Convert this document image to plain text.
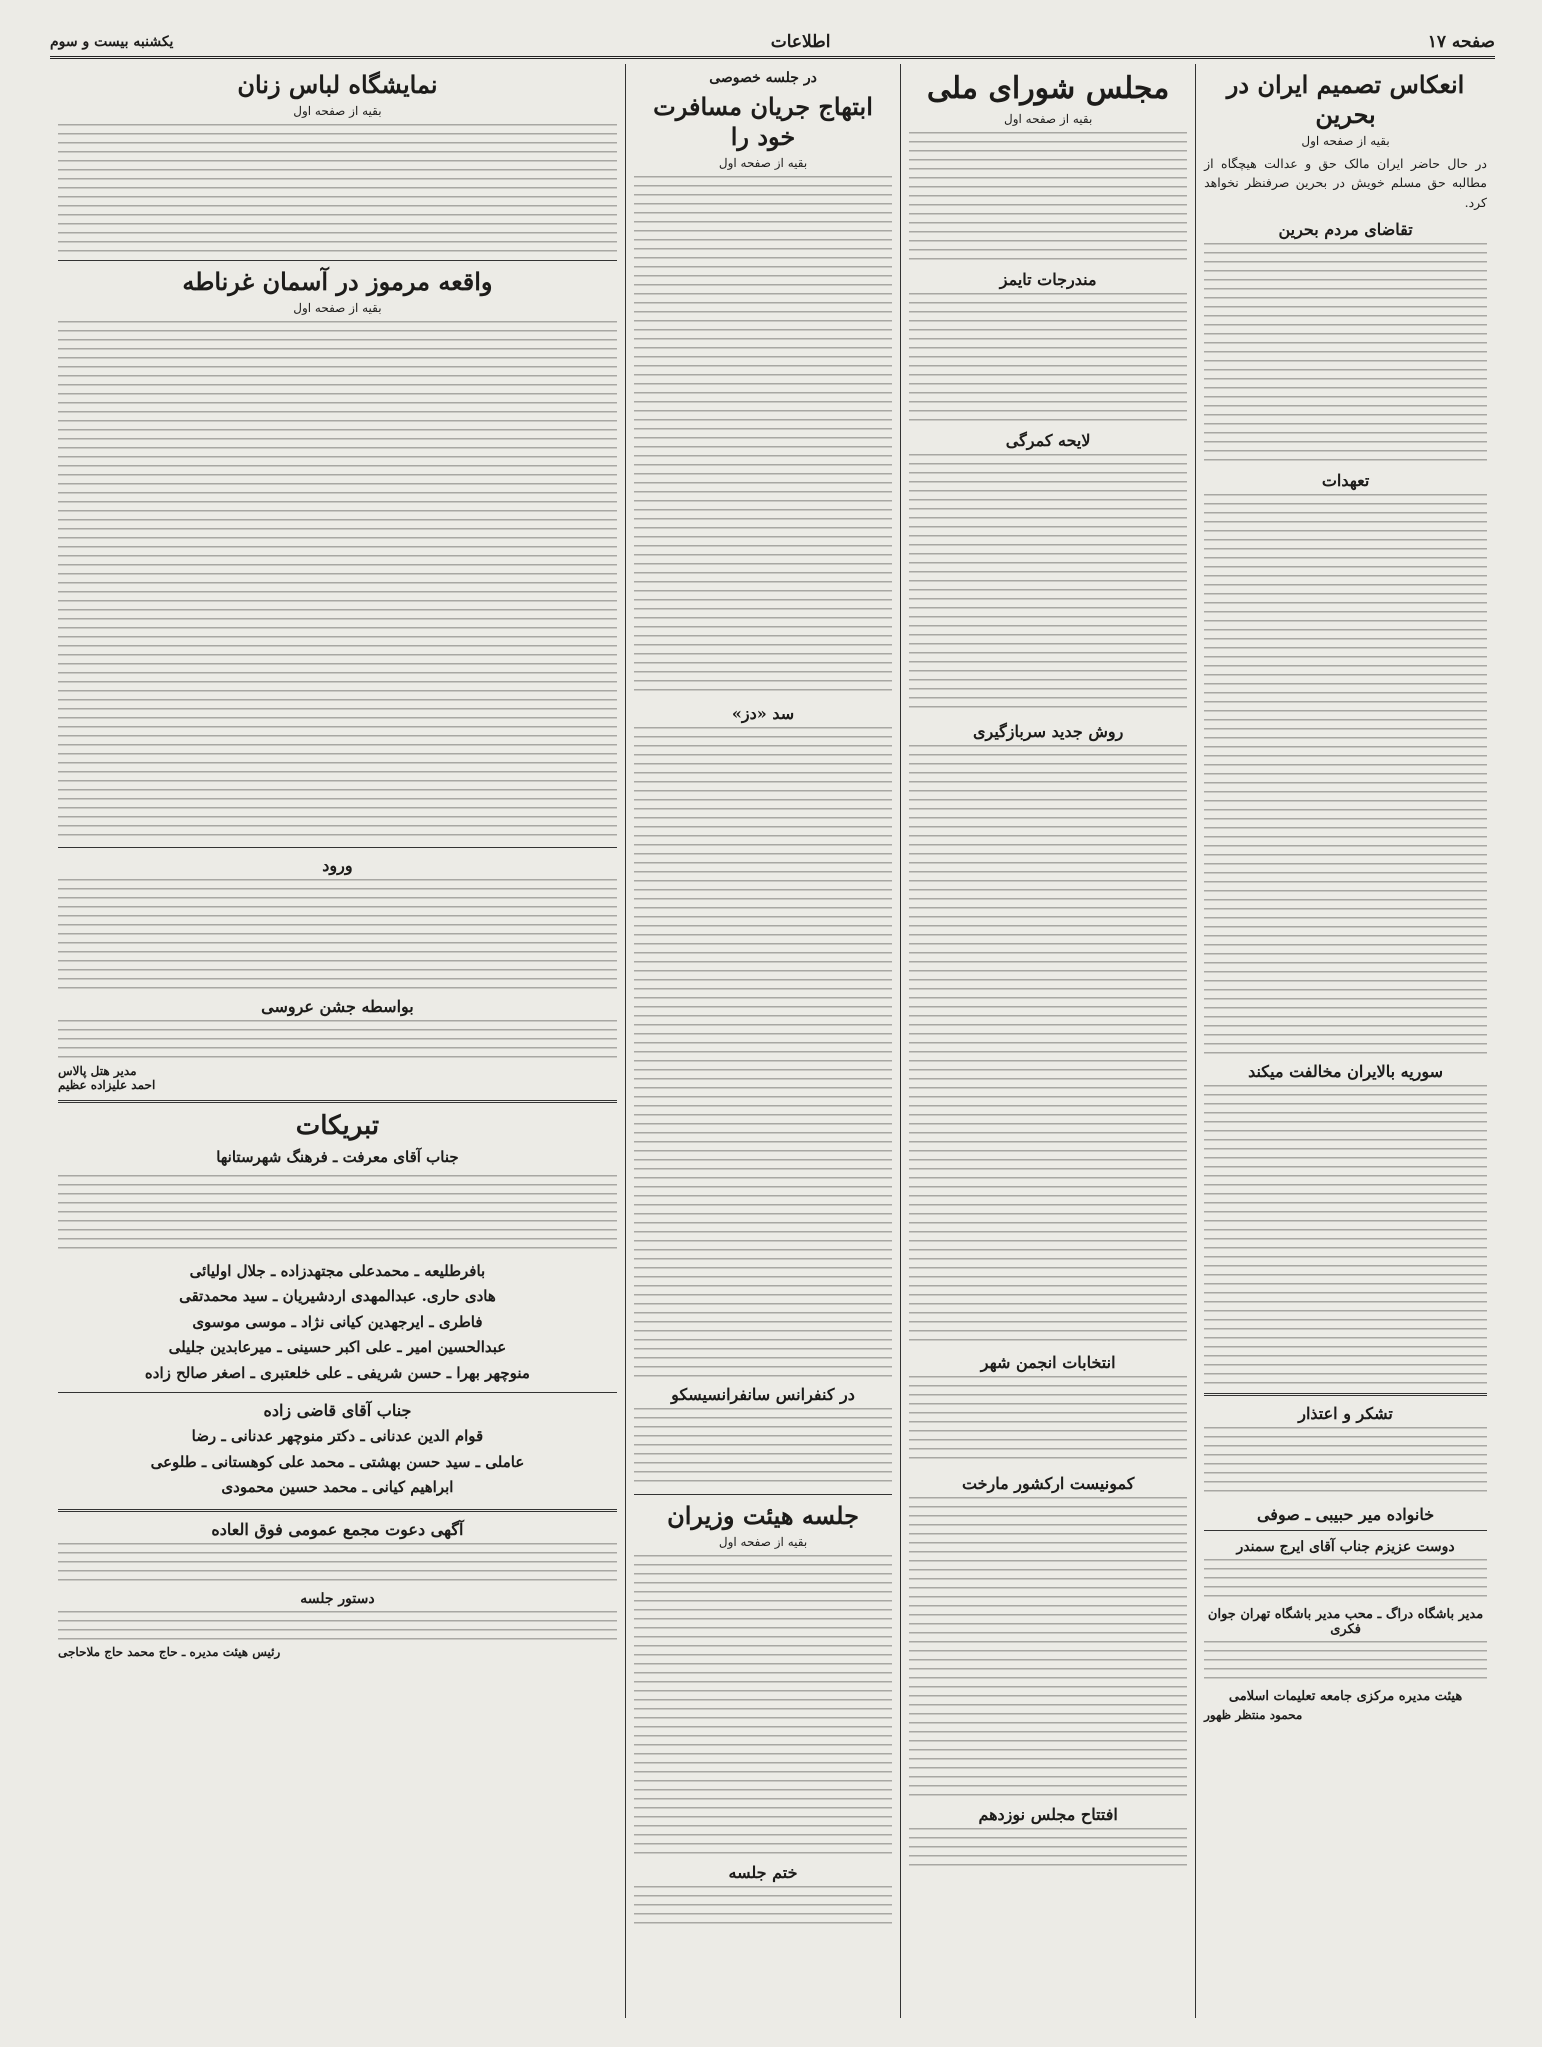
صفحه ۱۷
اطلاعات
یکشنبه بیست و سوم
انعکاس تصمیم ایران در بحرین
بقیه از صفحه اول

در حال حاضر ایران مالک حق و عدالت هیچگاه از مطالبه حق مسلم خویش در بحرین صرفنظر نخواهد کرد.

تقاضای مردم بحرین
تعهدات
سوریه بالایران مخالفت میکند
تشکر و اعتذار
خانواده میر حبیبی ـ صوفی
دوست عزیزم جناب آقای ایرج سمندر
مدیر باشگاه دراگ ـ محب مدیر باشگاه تهران جوان فکری
هیئت مدیره مرکزی جامعه تعلیمات اسلامی
محمود منتظر ظهور
مجلس شورای ملی
بقیه از صفحه اول
مندرجات تایمز
لایحه کمرگی
روش جدید سربازگیری
انتخابات انجمن شهر
کمونیست ارکشور مارخت
افتتاح مجلس نوزدهم
در جلسه خصوصی
ابتهاج جریان مسافرت خود را
بقیه از صفحه اول
سد «دز»
در کنفرانس سانفرانسیسکو
جلسه هیئت وزیران
بقیه از صفحه اول
ختم جلسه
نمایشگاه لباس زنان
بقیه از صفحه اول
واقعه مرموز در آسمان غرناطه
بقیه از صفحه اول
ورود
بواسطه جشن عروسی
مدیر هتل پالاس
احمد علیزاده عظیم
تبریکات
جناب آقای معرفت ـ فرهنگ شهرستانها
بافرطلیعه ـ محمدعلی مجتهدزاده ـ جلال اولیائی
هادی حاری. عبدالمهدی اردشیریان ـ سید محمدتقی
فاطری ـ ایرجهدین کیانی نژاد ـ موسی موسوی
عبدالحسین امیر ـ علی اکبر حسینی ـ میرعابدین جلیلی
منوچهر بهرا ـ حسن شریفی ـ علی خلعتبری ـ اصغر صالح زاده
جناب آقای قاضی زاده
قوام الدین عدنانی ـ دکتر منوچهر عدنانی ـ رضا
عاملی ـ سید حسن بهشتی ـ محمد علی کوهستانی ـ طلوعی
ابراهیم کیانی ـ محمد حسین محمودی
آگهی دعوت مجمع عمومی فوق العاده
دستور جلسه
رئیس هیئت مدیره ـ حاج محمد حاج ملاحاجی
